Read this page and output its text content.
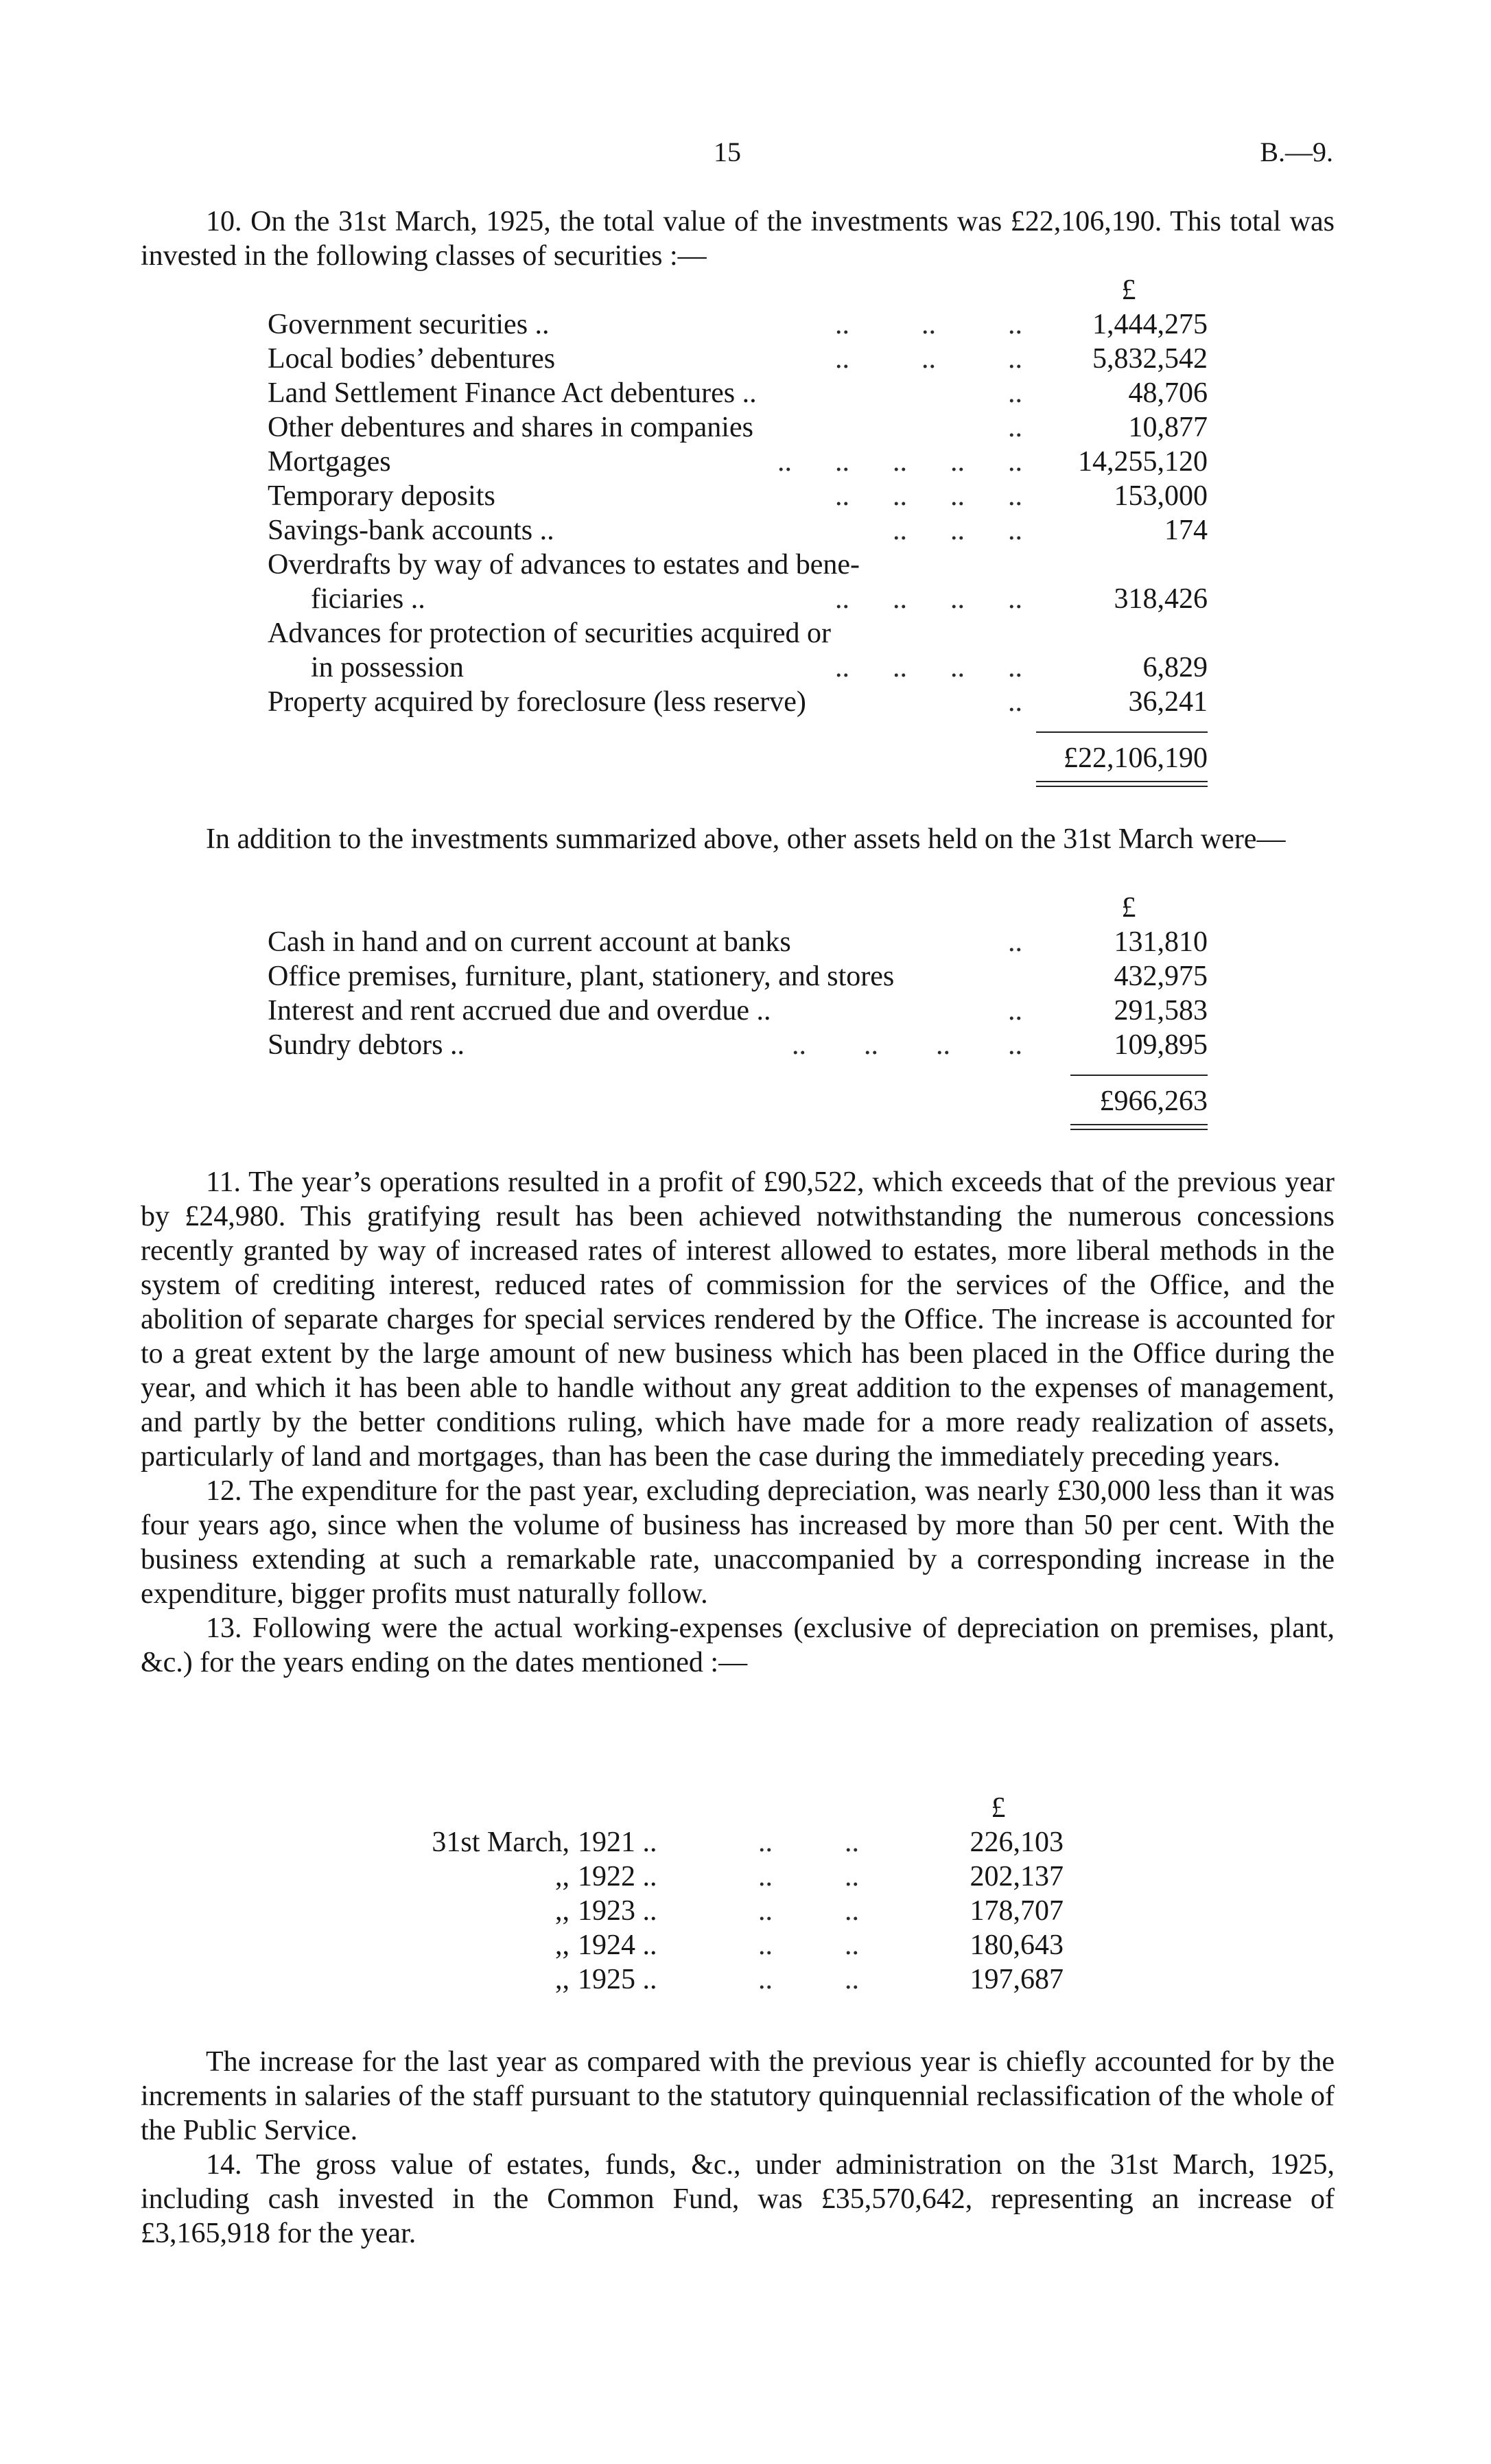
15	B.—9.

10. On the 31st March, 1925, the total value of the investments was £22,106,190. This total was invested in the following classes of securities :—

£
Government securities ..	..          ..          ..	1,444,275
Local bodies’ debentures	..          ..          ..	5,832,542
Land Settlement Finance Act debentures ..	..	48,706
Other debentures and shares in companies	..	10,877
Mortgages	..      ..      ..      ..      ..	14,255,120
Temporary deposits	..      ..      ..      ..	153,000
Savings-bank accounts ..	..      ..      ..	174
Overdrafts by way of advances to estates and bene-
ficiaries ..	..      ..      ..      ..	318,426
Advances for protection of securities acquired or
in possession	..      ..      ..      ..	6,829
Property acquired by foreclosure (less reserve)	..	36,241
£22,106,190

In addition to the investments summarized above, other assets held on the 31st March were—

£
Cash in hand and on current account at banks	..	131,810
Office premises, furniture, plant, stationery, and stores	432,975
Interest and rent accrued due and overdue ..	..	291,583
Sundry debtors ..	..        ..        ..        ..	109,895
£966,263

11. The year’s operations resulted in a profit of £90,522, which exceeds that of the previous year by £24,980. This gratifying result has been achieved notwithstanding the numerous concessions recently granted by way of increased rates of interest allowed to estates, more liberal methods in the system of crediting interest, reduced rates of commission for the services of the Office, and the abolition of separate charges for special services rendered by the Office. The increase is accounted for to a great extent by the large amount of new business which has been placed in the Office during the year, and which it has been able to handle without any great addition to the expenses of management, and partly by the better conditions ruling, which have made for a more ready realization of assets, particularly of land and mortgages, than has been the case during the immediately preceding years.

12. The expenditure for the past year, excluding depreciation, was nearly £30,000 less than it was four years ago, since when the volume of business has increased by more than 50 per cent. With the business extending at such a remarkable rate, unaccompanied by a corresponding increase in the expenditure, bigger profits must naturally follow.

13. Following were the actual working-expenses (exclusive of depreciation on premises, plant, &c.) for the years ending on the dates mentioned :—

£
31st March, 1921 ..	..          ..	226,103
,, 1922 ..	..          ..	202,137
,, 1923 ..	..          ..	178,707
,, 1924 ..	..          ..	180,643
,, 1925 ..	..          ..	197,687

The increase for the last year as compared with the previous year is chiefly accounted for by the increments in salaries of the staff pursuant to the statutory quinquennial reclassification of the whole of the Public Service.

14. The gross value of estates, funds, &c., under administration on the 31st March, 1925, including cash invested in the Common Fund, was £35,570,642, representing an increase of £3,165,918 for the year.
